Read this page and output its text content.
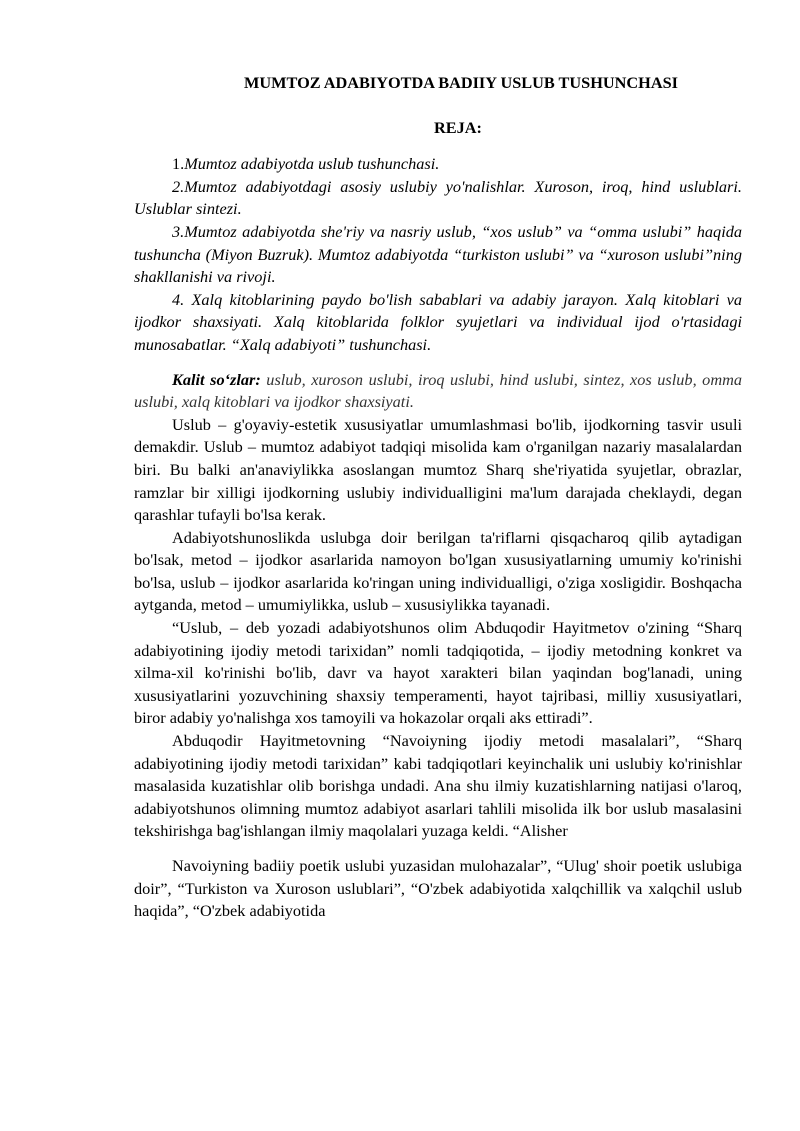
MUMTOZ ADABIYOTDA BADIIY USLUB TUSHUNCHASI
REJA:

1.Mumtoz adabiyotda uslub tushunchasi.

2.Mumtoz adabiyotdagi asosiy uslubiy yo'nalishlar. Xuroson, iroq, hind uslublari. Uslublar sintezi.

3.Mumtoz adabiyotda she'riy va nasriy uslub, “xos uslub” va “omma uslubi” haqida tushuncha (Miyon Buzruk). Mumtoz adabiyotda “turkiston uslubi” va “xuroson uslubi”ning shakllanishi va rivoji.

4. Xalq kitoblarining paydo bo'lish sabablari va adabiy jarayon. Xalq kitoblari va ijodkor shaxsiyati. Xalq kitoblarida folklor syujetlari va individual ijod o'rtasidagi munosabatlar. “Xalq adabiyoti” tushunchasi.

Kalit so‘zlar: uslub, xuroson uslubi, iroq uslubi, hind uslubi, sintez, xos uslub, omma uslubi, xalq kitoblari va ijodkor shaxsiyati.

Uslub – g'oyaviy-estetik xususiyatlar umumlashmasi bo'lib, ijodkorning tasvir usuli demakdir. Uslub – mumtoz adabiyot tadqiqi misolida kam o'rganilgan nazariy masalalardan biri. Bu balki an'anaviylikka asoslangan mumtoz Sharq she'riyatida syujetlar, obrazlar, ramzlar bir xilligi ijodkorning uslubiy individualligini ma'lum darajada cheklaydi, degan qarashlar tufayli bo'lsa kerak.

Adabiyotshunoslikda uslubga doir berilgan ta'riflarni qisqacharoq qilib aytadigan bo'lsak, metod – ijodkor asarlarida namoyon bo'lgan xususiyatlarning umumiy ko'rinishi bo'lsa, uslub – ijodkor asarlarida ko'ringan uning individualligi, o'ziga xosligidir. Boshqacha aytganda, metod – umumiylikka, uslub – xususiylikka tayanadi.

“Uslub, – deb yozadi adabiyotshunos olim Abduqodir Hayitmetov o'zining “Sharq adabiyotining ijodiy metodi tarixidan” nomli tadqiqotida, – ijodiy metodning konkret va xilma-xil ko'rinishi bo'lib, davr va hayot xarakteri bilan yaqindan bog'lanadi, uning xususiyatlarini yozuvchining shaxsiy temperamenti, hayot tajribasi, milliy xususiyatlari, biror adabiy yo'nalishga xos tamoyili va hokazolar orqali aks ettiradi”.

Abduqodir Hayitmetovning “Navoiyning ijodiy metodi masalalari”, “Sharq adabiyotining ijodiy metodi tarixidan” kabi tadqiqotlari keyinchalik uni uslubiy ko'rinishlar masalasida kuzatishlar olib borishga undadi. Ana shu ilmiy kuzatishlarning natijasi o'laroq, adabiyotshunos olimning mumtoz adabiyot asarlari tahlili misolida ilk bor uslub masalasini tekshirishga bag'ishlangan ilmiy maqolalari yuzaga keldi. “Alisher

Navoiyning badiiy poetik uslubi yuzasidan mulohazalar”, “Ulug' shoir poetik uslubiga doir”, “Turkiston va Xuroson uslublari”, “O'zbek adabiyotida xalqchillik va xalqchil uslub haqida”, “O'zbek adabiyotida
